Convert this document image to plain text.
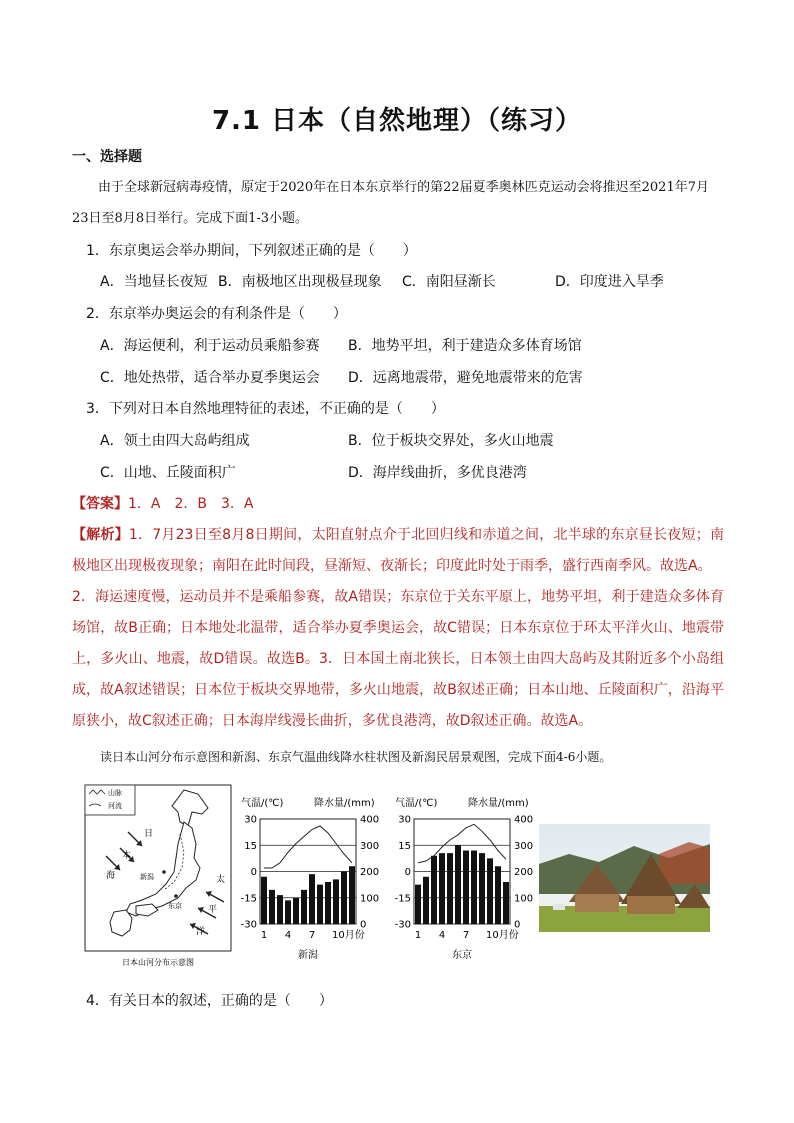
7.1 日本（自然地理）（练习）
一、选择题
由于全球新冠病毒疫情，原定于2020年在日本东京举行的第22届夏季奥林匹克运动会将推迟至2021年7月23日至8月8日举行。完成下面1-3小题。
1．东京奥运会举办期间，下列叙述正确的是（　　）
A．当地昼长夜短 B．南极地区出现极昼现象 C．南阳昼渐长	D．印度进入旱季
2．东京举办奥运会的有利条件是（　　）
A．海运便利，利于运动员乘船参赛 B．地势平坦，利于建造众多体育场馆
C．地处热带，适合举办夏季奥运会 D．远离地震带，避免地震带来的危害
3．下列对日本自然地理特征的表述，不正确的是（　　）
A．领土由四大岛屿组成	B．位于板块交界处，多火山地震
C．山地、丘陵面积广	D．海岸线曲折，多优良港湾
【答案】1．A　2．B　3．A
【解析】1．7月23日至8月8日期间，太阳直射点介于北回归线和赤道之间，北半球的东京昼长夜短；南极地区出现极夜现象；南阳在此时间段，昼渐短、夜渐长；印度此时处于雨季，盛行西南季风。故选A。
2．海运速度慢，运动员并不是乘船参赛，故A错误；东京位于关东平原上，地势平坦，利于建造众多体育场馆，故B正确；日本地处北温带，适合举办夏季奥运会，故C错误；日本东京位于环太平洋火山、地震带上，多火山、地震，故D错误。故选B。3．日本国土南北狭长，日本领土由四大岛屿及其附近多个小岛组成，故A叙述错误；日本位于板块交界地带，多火山地震，故B叙述正确；日本山地、丘陵面积广，沿海平原狭小，故C叙述正确；日本海岸线漫长曲折，多优良港湾，故D叙述正确。故选A。
读日本山河分布示意图和新潟、东京气温曲线降水柱状图及新潟民居景观图，完成下面4-6小题。
山脉
河流
日
本
海	新潟
东京
太
平
洋
日本山河分布示意图
气温/(℃)	降水量/(mm)
30
15
0
-15
-30
400
300
200
100
0
1 4 7 10月份
新潟
气温/(℃)	降水量/(mm)
30
15
0
-15
-30
400
300
200
100
0
1 4 7 10月份
东京
4．有关日本的叙述，正确的是（　　）
